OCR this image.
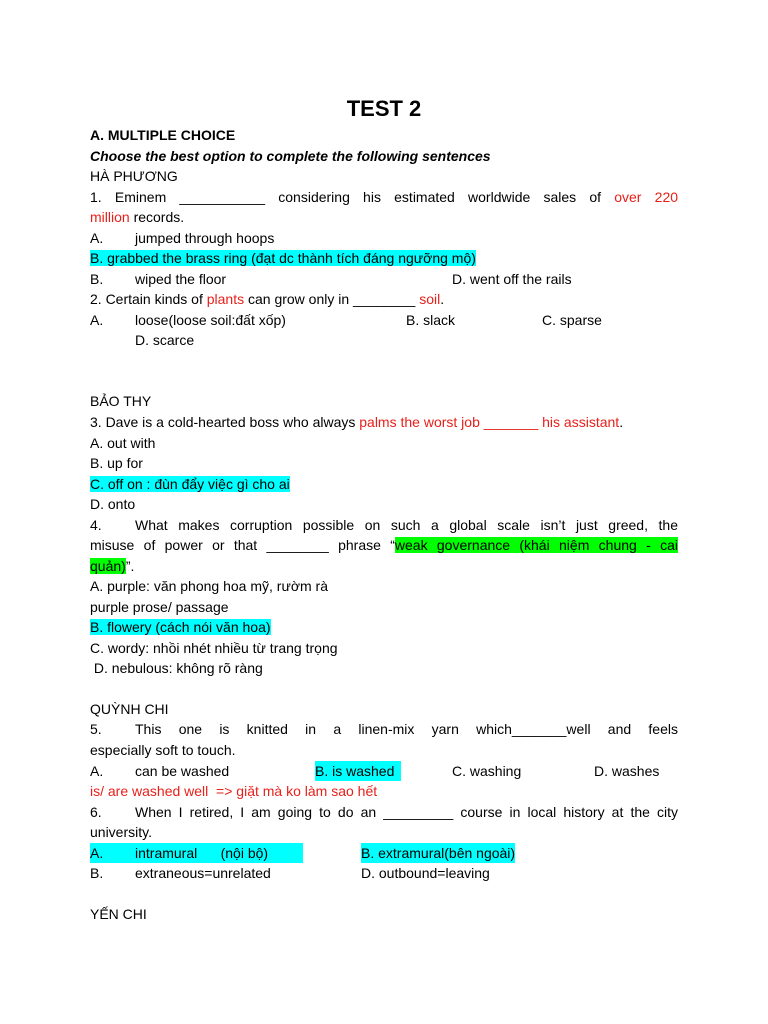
TEST 2
A. MULTIPLE CHOICE
Choose the best option to complete the following sentences
HÀ PHƯƠNG
1. Eminem ___________ considering his estimated worldwide sales of over 220
million records.
A. jumped through hoops
B. grabbed the brass ring (đạt dc thành tích đáng ngưỡng mộ)
B. wiped the floor	D. went off the rails
2. Certain kinds of plants can grow only in ________ soil.
A. loose(loose soil:đất xốp)	B. slack	C. sparse
D. scarce
BẢO THY
3. Dave is a cold-hearted boss who always palms the worst job _______ his assistant.
A. out with
B. up for
C. off on : đùn đẩy việc gì cho ai
D. onto
4. What makes corruption possible on such a global scale isn’t just greed, the
misuse of power or that ________ phrase “weak governance (khái niệm chung - cai
quản)”.
A. purple: văn phong hoa mỹ, rườm rà
purple prose/ passage
B. flowery (cách nói văn hoa)
C. wordy: nhồi nhét nhiều từ trang trọng
D. nebulous: không rõ ràng
QUỲNH CHI
5. This one is knitted in a linen-mix yarn which_______well and feels
especially soft to touch.
A. can be washed	B. is washed	C. washing	D. washes
is/ are washed well  => giặt mà ko làm sao hết
6. When I retired, I am going to do an _________ course in local history at the city
university.
A. intramural      (nội bộ)	B. extramural(bên ngoài)
B. extraneous=unrelated	D. outbound=leaving
YẾN CHI
